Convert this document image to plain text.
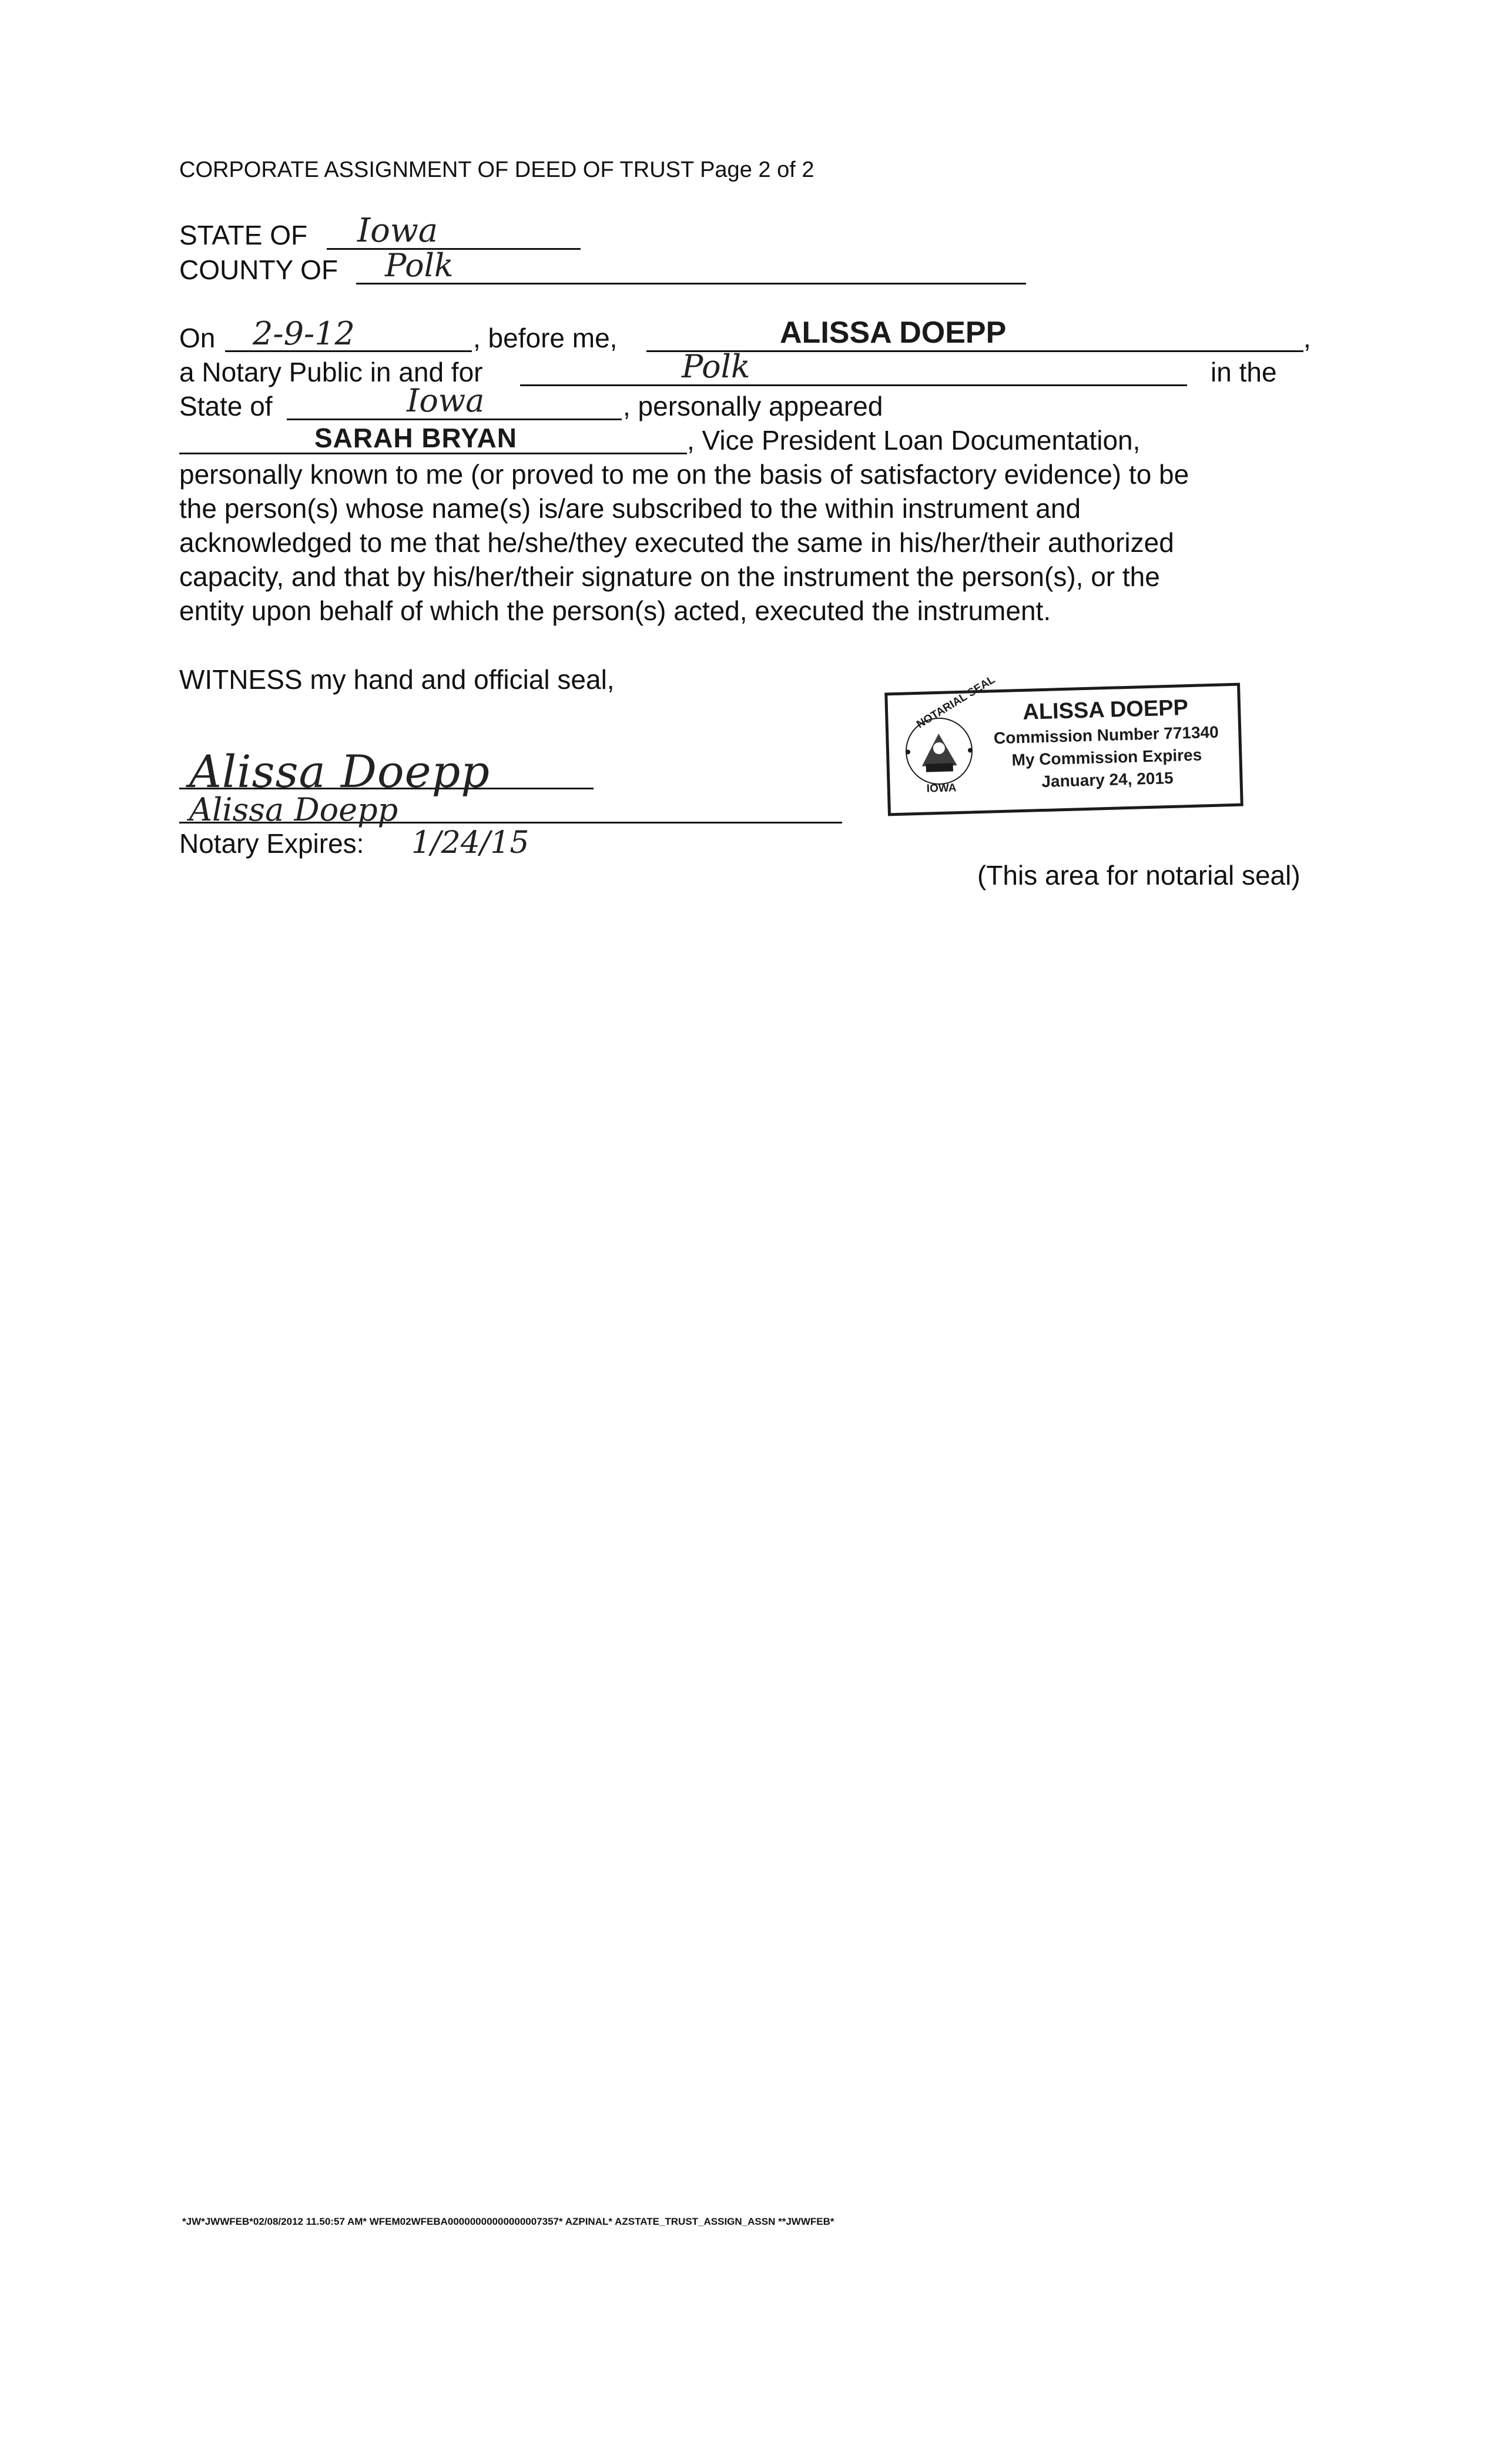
CORPORATE ASSIGNMENT OF DEED OF TRUST Page 2 of 2
STATE OF Iowa
COUNTY OF Polk
On 2-9-12	, before me,	ALISSA DOEPP	,
a Notary Public in and for	Polk	in the
State of	Iowa	, personally appeared
SARAH BRYAN	, Vice President Loan Documentation,
personally known to me (or proved to me on the basis of satisfactory evidence) to be
the person(s) whose name(s) is/are subscribed to the within instrument and
acknowledged to me that he/she/they executed the same in his/her/their authorized
capacity, and that by his/her/their signature on the instrument the person(s), or the
entity upon behalf of which the person(s) acted, executed the instrument.
WITNESS my hand and official seal,
Alissa Doepp
Alissa Doepp
Notary Expires: 1/24/15
NOTARIAL SEAL
IOWA
ALISSA DOEPP
Commission Number 771340
My Commission Expires
January 24, 2015
(This area for notarial seal)
*JW*JWWFEB*02/08/2012 11.50:57 AM* WFEM02WFEBA00000000000000007357* AZPINAL* AZSTATE_TRUST_ASSIGN_ASSN **JWWFEB*
